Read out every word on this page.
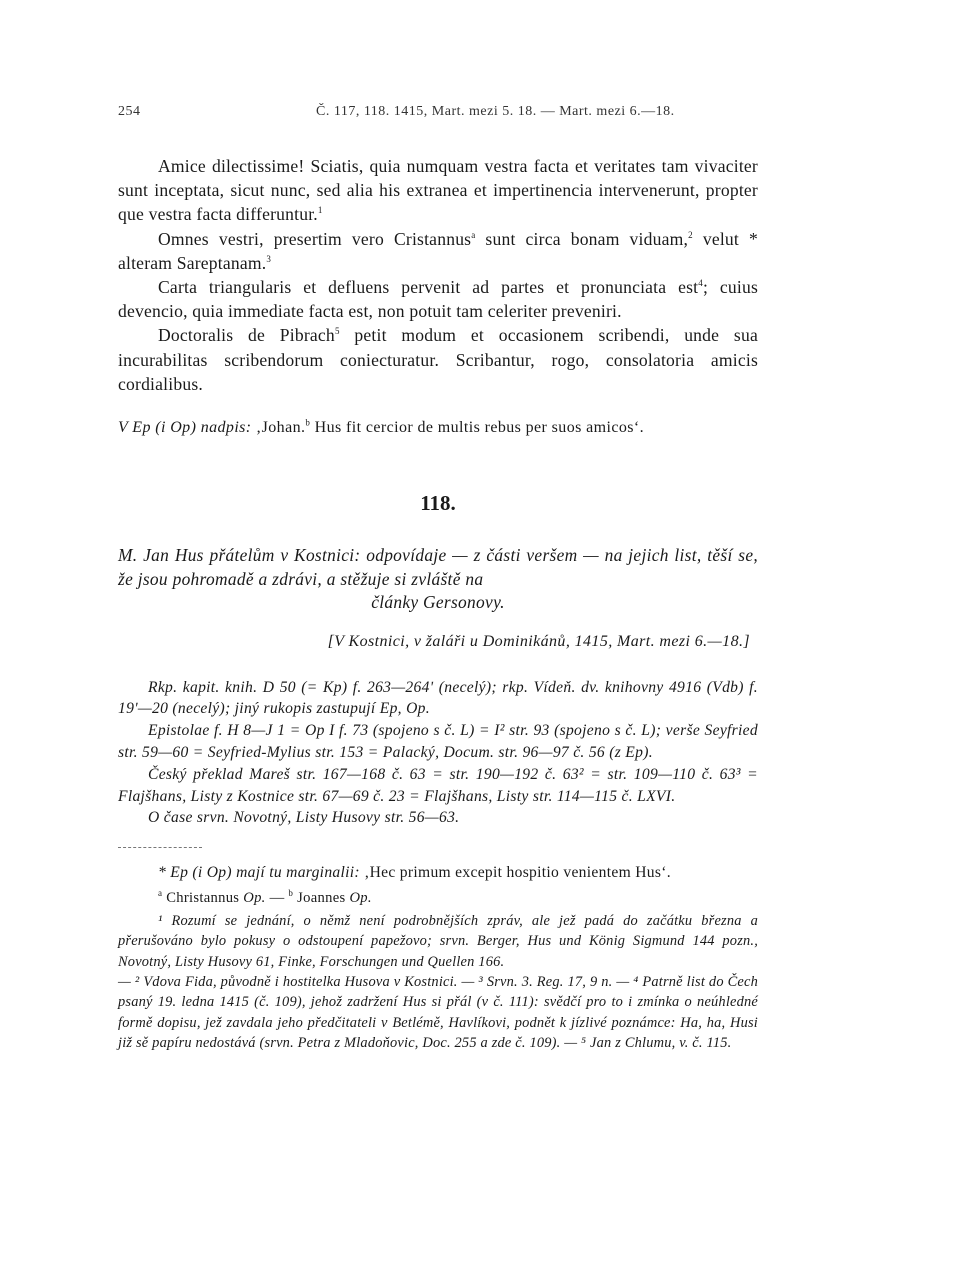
254	Č. 117, 118. 1415, Mart. mezi 5. 18. — Mart. mezi 6.—18.

Amice dilectissime! Sciatis, quia numquam vestra facta et veritates tam vivaciter sunt inceptata, sicut nunc, sed alia his extranea et impertinencia intervenerunt, propter que vestra facta differuntur.$^1$

Omnes vestri, presertim vero Cristannus$^a$ sunt circa bonam viduam,$^2$ velut * alteram Sareptanam.$^3$

Carta triangularis et defluens pervenit ad partes et pronunciata est$^4$; cuius devencio, quia immediate facta est, non potuit tam celeriter preveniri.

Doctoralis de Pibrach$^5$ petit modum et occasionem scribendi, unde sua incurabilitas scribendorum coniecturatur. Scribantur, rogo, consolatoria amicis cordialibus.

V Ep (i Op) nadpis: ‚Johan.$^b$ Hus fit cercior de multis rebus per suos amicos‘.
118.
M. Jan Hus přátelům v Kostnici: odpovídaje — z části veršem — na jejich list, těší se, že jsou pohromadě a zdrávi, a stěžuje si zvláště na
články Gersonovy.
[V Kostnici, v žaláři u Dominikánů, 1415, Mart. mezi 6.—18.]

Rkp. kapit. knih. D 50 (= Kp) f. 263—264ʹ (necelý); rkp. Vídeň. dv. knihovny 4916 (Vdb) f. 19ʹ—20 (necelý); jiný rukopis zastupují Ep, Op.

Epistolae f. H 8—J 1 = Op I f. 73 (spojeno s č. L) = I² str. 93 (spojeno s č. L); verše Seyfried str. 59—60 = Seyfried-Mylius str. 153 = Palacký, Docum. str. 96—97 č. 56 (z Ep).

Český překlad Mareš str. 167—168 č. 63 = str. 190—192 č. 63² = str. 109—110 č. 63³ = Flajšhans, Listy z Kostnice str. 67—69 č. 23 = Flajšhans, Listy str. 114—115 č. LXVI.

O čase srvn. Novotný, Listy Husovy str. 56—63.

* Ep (i Op) mají tu marginalii: ‚Hec primum excepit hospitio venientem Hus‘.

$^a$ Christannus Op. — $^b$ Joannes Op.

¹ Rozumí se jednání, o němž není podrobnějších zpráv, ale jež padá do začátku března a přerušováno bylo pokusy o odstoupení papežovo; srvn. Berger, Hus und König Sigmund 144 pozn., Novotný, Listy Husovy 61, Finke, Forschungen und Quellen 166.

— ² Vdova Fida, původně i hostitelka Husova v Kostnici. — ³ Srvn. 3. Reg. 17, 9 n. — ⁴ Patrně list do Čech psaný 19. ledna 1415 (č. 109), jehož zadržení Hus si přál (v č. 111): svědčí pro to i zmínka o neúhledné formě dopisu, jež zavdala jeho předčitateli v Betlémě, Havlíkovi, podnět k jízlivé poznámce: Ha, ha, Husi již sě papíru nedostává (srvn. Petra z Mladoňovic, Doc. 255 a zde č. 109). — ⁵ Jan z Chlumu, v. č. 115.
